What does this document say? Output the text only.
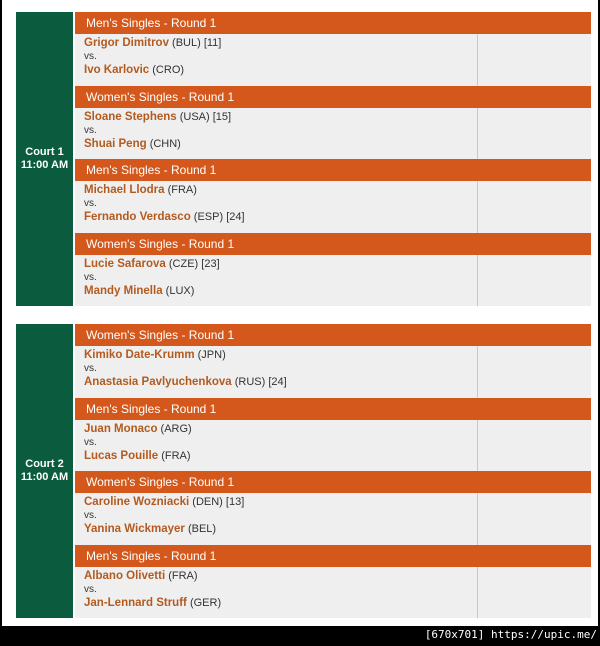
Court 1
11:00 AM
Men's Singles - Round 1
Grigor Dimitrov (BUL) [11]
vs.
Ivo Karlovic (CRO)
Women's Singles - Round 1
Sloane Stephens (USA) [15]
vs.
Shuai Peng (CHN)
Men's Singles - Round 1
Michael Llodra (FRA)
vs.
Fernando Verdasco (ESP) [24]
Women's Singles - Round 1
Lucie Safarova (CZE) [23]
vs.
Mandy Minella (LUX)
Court 2
11:00 AM
Women's Singles - Round 1
Kimiko Date-Krumm (JPN)
vs.
Anastasia Pavlyuchenkova (RUS) [24]
Men's Singles - Round 1
Juan Monaco (ARG)
vs.
Lucas Pouille (FRA)
Women's Singles - Round 1
Caroline Wozniacki (DEN) [13]
vs.
Yanina Wickmayer (BEL)
Men's Singles - Round 1
Albano Olivetti (FRA)
vs.
Jan-Lennard Struff (GER)
[670x701] https://upic.me/
